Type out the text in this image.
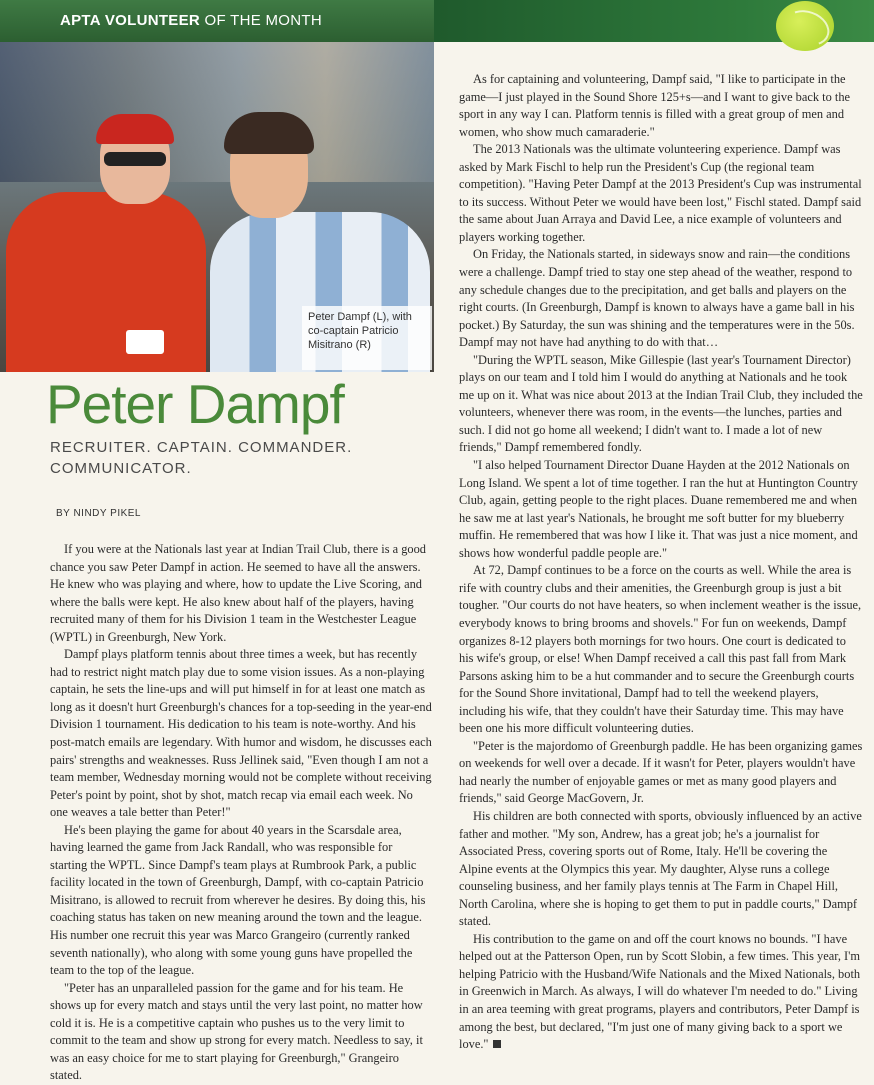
APTA VOLUNTEER OF THE MONTH
Peter Dampf (L), with co-captain Patricio Misitrano (R)
Peter Dampf
RECRUITER. CAPTAIN. COMMANDER. COMMUNICATOR.
BY NINDY PIKEL

If you were at the Nationals last year at Indian Trail Club, there is a good chance you saw Peter Dampf in action. He seemed to have all the answers. He knew who was playing and where, how to update the Live Scoring, and where the balls were kept. He also knew about half of the players, having recruited many of them for his Division 1 team in the Westchester League (WPTL) in Greenburgh, New York.

Dampf plays platform tennis about three times a week, but has recently had to restrict night match play due to some vision issues. As a non-playing captain, he sets the line-ups and will put himself in for at least one match as long as it doesn't hurt Greenburgh's chances for a top-seeding in the year-end Division 1 tournament. His dedication to his team is note-worthy. And his post-match emails are legendary. With humor and wisdom, he discusses each pairs' strengths and weaknesses. Russ Jellinek said, "Even though I am not a team member, Wednesday morning would not be complete without receiving Peter's point by point, shot by shot, match recap via email each week. No one weaves a tale better than Peter!"

He's been playing the game for about 40 years in the Scarsdale area, having learned the game from Jack Randall, who was responsible for starting the WPTL. Since Dampf's team plays at Rumbrook Park, a public facility located in the town of Greenburgh, Dampf, with co-captain Patricio Misitrano, is allowed to recruit from wherever he desires. By doing this, his coaching status has taken on new meaning around the town and the league. His number one recruit this year was Marco Grangeiro (currently ranked seventh nationally), who along with some young guns have propelled the team to the top of the league.

"Peter has an unparalleled passion for the game and for his team. He shows up for every match and stays until the very last point, no matter how cold it is. He is a competitive captain who pushes us to the very limit to commit to the team and show up strong for every match. Needless to say, it was an easy choice for me to start playing for Greenburgh," Grangeiro stated.

As for captaining and volunteering, Dampf said, "I like to participate in the game—I just played in the Sound Shore 125+s—and I want to give back to the sport in any way I can. Platform tennis is filled with a great group of men and women, who show much camaraderie."

The 2013 Nationals was the ultimate volunteering experience. Dampf was asked by Mark Fischl to help run the President's Cup (the regional team competition). "Having Peter Dampf at the 2013 President's Cup was instrumental to its success. Without Peter we would have been lost," Fischl stated. Dampf said the same about Juan Arraya and David Lee, a nice example of volunteers and players working together.

On Friday, the Nationals started, in sideways snow and rain—the conditions were a challenge. Dampf tried to stay one step ahead of the weather, respond to any schedule changes due to the precipitation, and get balls and players on the right courts. (In Greenburgh, Dampf is known to always have a game ball in his pocket.) By Saturday, the sun was shining and the temperatures were in the 50s. Dampf may not have had anything to do with that…

"During the WPTL season, Mike Gillespie (last year's Tournament Director) plays on our team and I told him I would do anything at Nationals and he took me up on it. What was nice about 2013 at the Indian Trail Club, they included the volunteers, whenever there was room, in the events—the lunches, parties and such. I did not go home all weekend; I didn't want to. I made a lot of new friends," Dampf remembered fondly.

"I also helped Tournament Director Duane Hayden at the 2012 Nationals on Long Island. We spent a lot of time together. I ran the hut at Huntington Country Club, again, getting people to the right places. Duane remembered me and when he saw me at last year's Nationals, he brought me soft butter for my blueberry muffin. He remembered that was how I like it. That was just a nice moment, and shows how wonderful paddle people are."

At 72, Dampf continues to be a force on the courts as well. While the area is rife with country clubs and their amenities, the Greenburgh group is just a bit tougher. "Our courts do not have heaters, so when inclement weather is the issue, everybody knows to bring brooms and shovels." For fun on weekends, Dampf organizes 8-12 players both mornings for two hours. One court is dedicated to his wife's group, or else! When Dampf received a call this past fall from Mark Parsons asking him to be a hut commander and to secure the Greenburgh courts for the Sound Shore invitational, Dampf had to tell the weekend players, including his wife, that they couldn't have their Saturday time. This may have been one his more difficult volunteering duties.

"Peter is the majordomo of Greenburgh paddle. He has been organizing games on weekends for well over a decade. If it wasn't for Peter, players wouldn't have had nearly the number of enjoyable games or met as many good players and friends," said George MacGovern, Jr.

His children are both connected with sports, obviously influenced by an active father and mother. "My son, Andrew, has a great job; he's a journalist for Associated Press, covering sports out of Rome, Italy. He'll be covering the Alpine events at the Olympics this year. My daughter, Alyse runs a college counseling business, and her family plays tennis at The Farm in Chapel Hill, North Carolina, where she is hoping to get them to put in paddle courts," Dampf stated.

His contribution to the game on and off the court knows no bounds. "I have helped out at the Patterson Open, run by Scott Slobin, a few times. This year, I'm helping Patricio with the Husband/Wife Nationals and the Mixed Nationals, both in Greenwich in March. As always, I will do whatever I'm needed to do." Living in an area teeming with great programs, players and contributors, Peter Dampf is among the best, but declared, "I'm just one of many giving back to a sport we love."
